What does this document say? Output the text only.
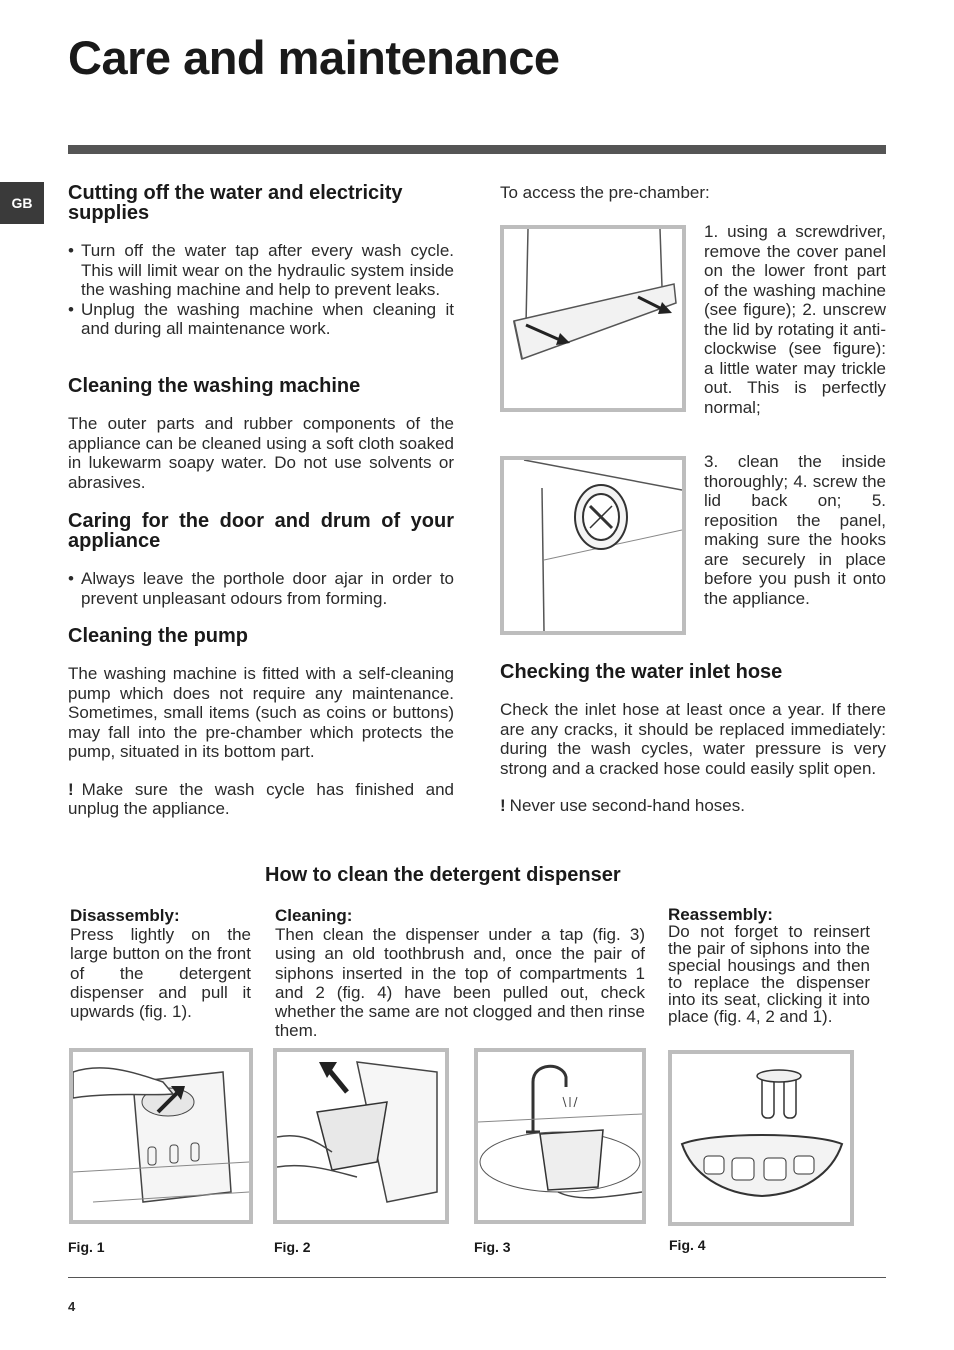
Care and maintenance
GB	Cutting off the water and electricity supplies

• Turn off the water tap after every wash cycle. This will limit wear on the hydraulic system inside the washing machine and help to prevent leaks.

• Unplug the washing machine when cleaning it and during all maintenance work.

Cleaning the washing machine

The outer parts and rubber components of the appliance can be cleaned using a soft cloth soaked in lukewarm soapy water. Do not use solvents or abrasives.

Caring for the door and drum of your appliance

• Always leave the porthole door ajar in order to prevent unpleasant odours from forming.

Cleaning the pump

The washing machine is fitted with a self-cleaning pump which does not require any maintenance. Sometimes, small items (such as coins or buttons) may fall into the pre-chamber which protects the pump, situated in its bottom part.

! Make sure the wash cycle has finished and unplug the appliance.

To access the pre-chamber:

1. using a screwdriver, remove the cover panel on the lower front part of the washing machine (see figure); 2. unscrew the lid by rotating it anti-clockwise (see figure): a little water may trickle out. This is perfectly normal;

3. clean the inside thoroughly; 4. screw the lid back on; 5. reposition the panel, making sure the hooks are securely in place before you push it onto the appliance.

Checking the water inlet hose

Check the inlet hose at least once a year. If there are any cracks, it should be replaced immediately: during the wash cycles, water pressure is very strong and a cracked hose could easily split open.

! Never use second-hand hoses.

How to clean the detergent dispenser
Disassembly:
Press lightly on the large button on the front of the detergent dispenser and pull it upwards (fig. 1).
Cleaning:
Then clean the dispenser under a tap (fig. 3) using an old toothbrush and, once the pair of siphons inserted in the top of compartments 1 and 2 (fig. 4) have been pulled out, check whether the same are not clogged and then rinse them.
Reassembly:
Do not forget to reinsert the pair of siphons into the special housings and then to replace the dispenser into its seat, clicking it into place (fig. 4, 2 and 1).
Fig. 1	Fig. 2	Fig. 3	Fig. 4
4
